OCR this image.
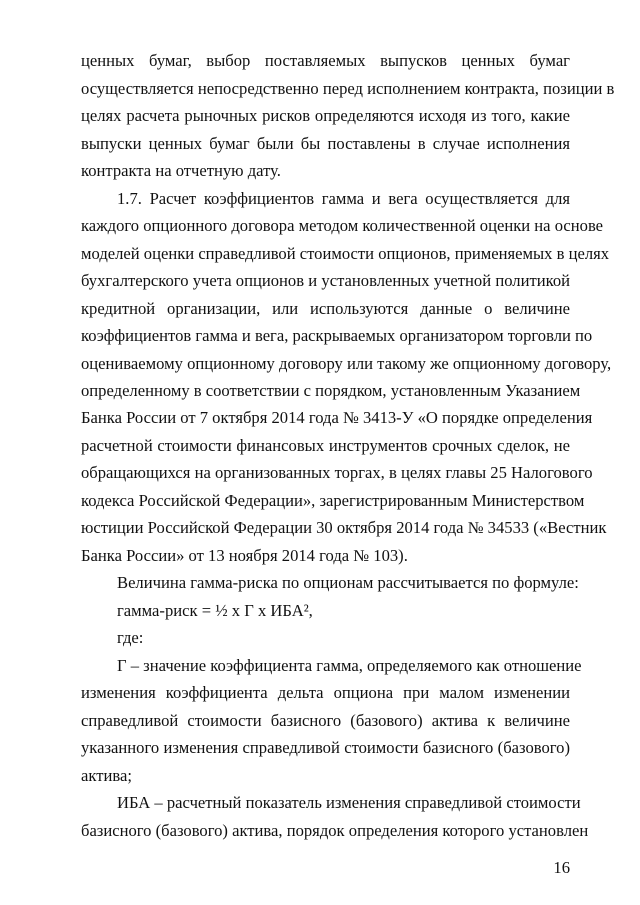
ценных бумаг, выбор поставляемых выпусков ценных бумаг
осуществляется непосредственно перед исполнением контракта, позиции в
целях расчета рыночных рисков определяются исходя из того, какие
выпуски ценных бумаг были бы поставлены в случае исполнения
контракта на отчетную дату.
1.7. Расчет коэффициентов гамма и вега осуществляется для
каждого опционного договора методом количественной оценки на основе
моделей оценки справедливой стоимости опционов, применяемых в целях
бухгалтерского учета опционов и установленных учетной политикой
кредитной организации, или используются данные о величине
коэффициентов гамма и вега, раскрываемых организатором торговли по
оцениваемому опционному договору или такому же опционному договору,
определенному в соответствии с порядком, установленным Указанием
Банка России от 7 октября 2014 года № 3413-У «О порядке определения
расчетной стоимости финансовых инструментов срочных сделок, не
обращающихся на организованных торгах, в целях главы 25 Налогового
кодекса Российской Федерации», зарегистрированным Министерством
юстиции Российской Федерации 30 октября 2014 года № 34533 («Вестник
Банка России» от 13 ноября 2014 года № 103).
Величина гамма-риска по опционам рассчитывается по формуле:
гамма-риск = ½ х Г х ИБА²,
где:
Г – значение коэффициента гамма, определяемого как отношение
изменения коэффициента дельта опциона при малом изменении
справедливой стоимости базисного (базового) актива к величине
указанного изменения справедливой стоимости базисного (базового)
актива;
ИБА – расчетный показатель изменения справедливой стоимости
базисного (базового) актива, порядок определения которого установлен
16
